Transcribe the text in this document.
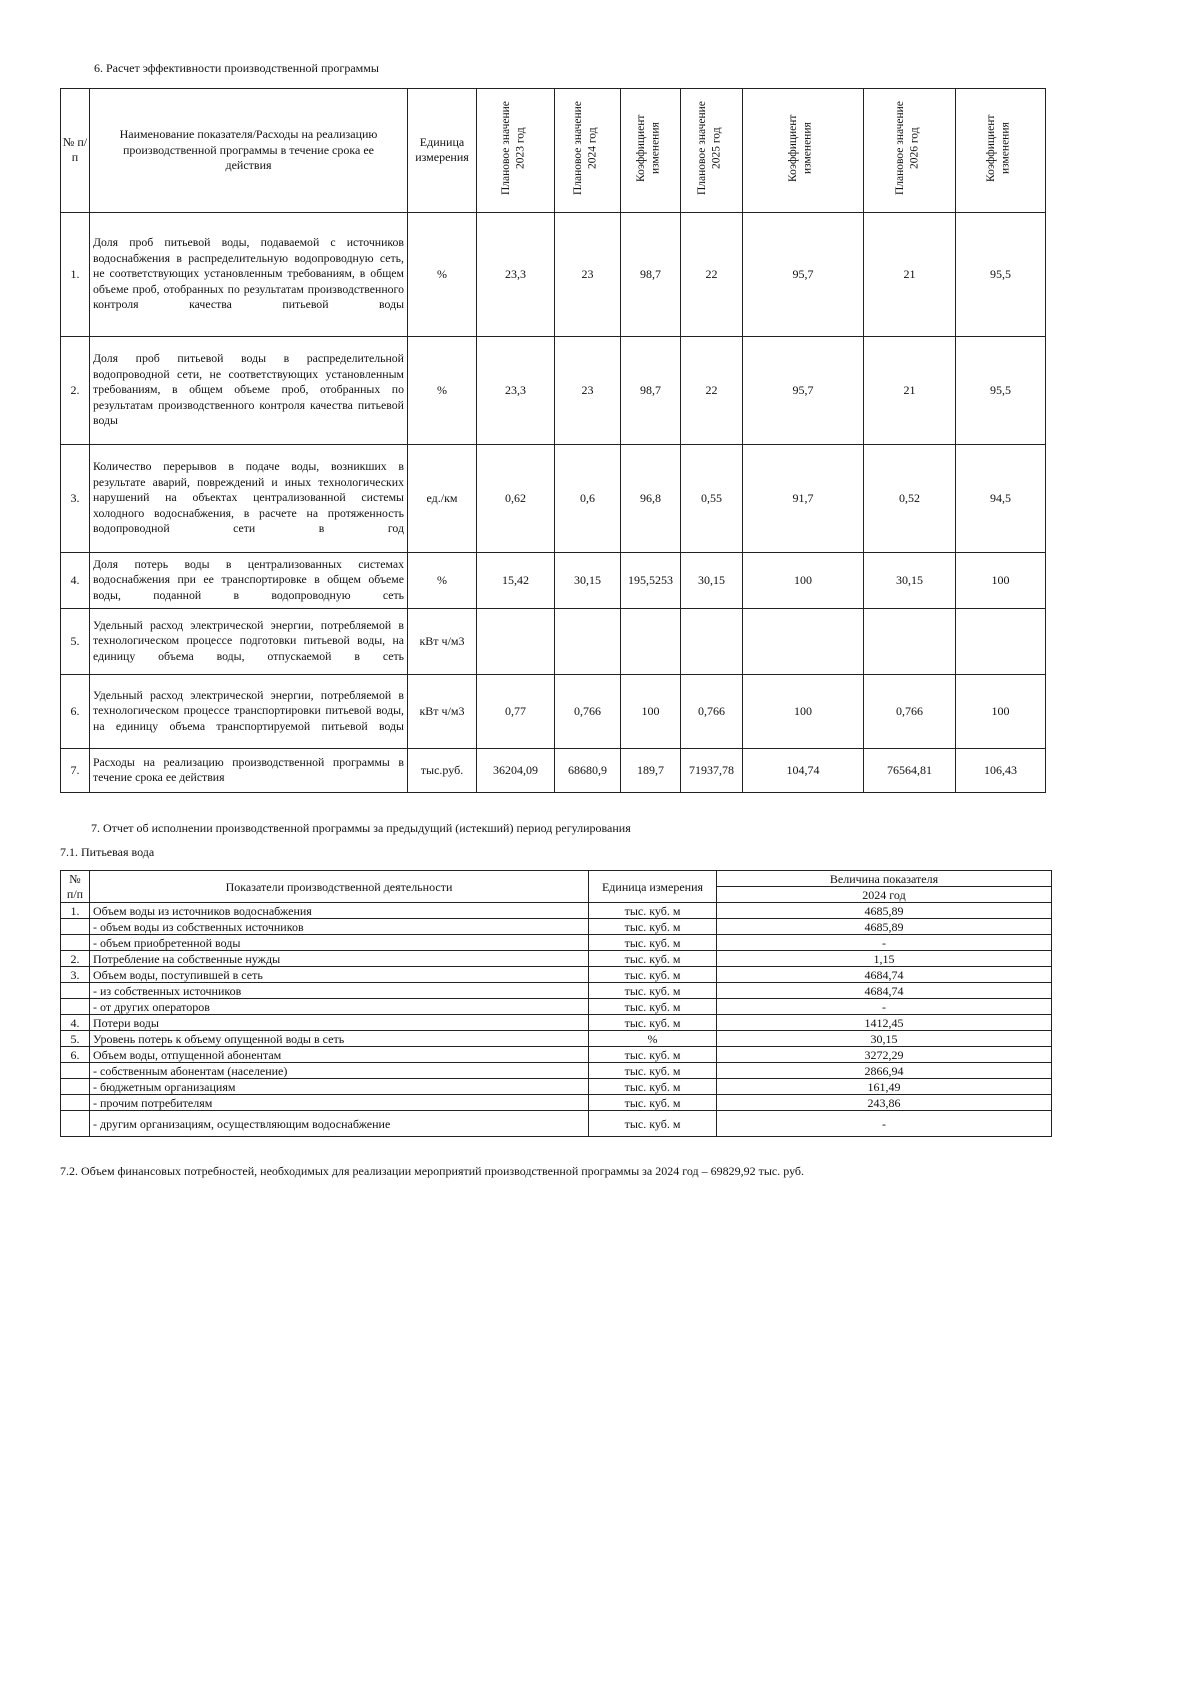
6. Расчет эффективности производственной программы
№ п/п	Наименование показателя/Расходы на реализацию производственной программы в течение срока ее действия	Единица измерения	Плановое значение 2023 год	Плановое значение 2024 год	Коэффициент изменения	Плановое значение 2025 год	Коэффициент изменения	Плановое значение 2026 год	Коэффициент изменения
1.	Доля проб питьевой воды, подаваемой с источников водоснабжения в распределительную водопроводную сеть, не соответствующих установленным требованиям, в общем объеме проб, отобранных по результатам производственного контроля качества питьевой воды	%	23,3	23	98,7	22	95,7	21	95,5
2.	Доля проб питьевой воды в распределительной водопроводной сети, не соответствующих установленным требованиям, в общем объеме проб, отобранных по результатам производственного контроля качества питьевой воды	%	23,3	23	98,7	22	95,7	21	95,5
3.	Количество перерывов в подаче воды, возникших в результате аварий, повреждений и иных технологических нарушений на объектах централизованной системы холодного водоснабжения, в расчете на протяженность водопроводной сети в год	ед./км	0,62	0,6	96,8	0,55	91,7	0,52	94,5
4.	Доля потерь воды в централизованных системах водоснабжения при ее транспортировке в общем объеме воды, поданной в водопроводную сеть	%	15,42	30,15	195,5253	30,15	100	30,15	100
5.	Удельный расход электрической энергии, потребляемой в технологическом процессе подготовки питьевой воды, на единицу объема воды, отпускаемой в сеть	кВт ч/м3							
6.	Удельный расход электрической энергии, потребляемой в технологическом процессе транспортировки питьевой воды, на единицу объема транспортируемой питьевой воды	кВт ч/м3	0,77	0,766	100	0,766	100	0,766	100
7.	Расходы на реализацию производственной программы в течение срока ее действия	тыс.руб.	36204,09	68680,9	189,7	71937,78	104,74	76564,81	106,43
7. Отчет об исполнении производственной программы за предыдущий (истекший) период регулирования
7.1. Питьевая вода
№	Показатели производственной деятельности	Единица измерения	Величина показателя
п/п			2024 год
1.	Объем воды из источников водоснабжения	тыс. куб. м	4685,89
	- объем воды из собственных источников	тыс. куб. м	4685,89
	- объем приобретенной воды	тыс. куб. м	-
2.	Потребление на собственные нужды	тыс. куб. м	1,15
3.	Объем воды, поступившей в сеть	тыс. куб. м	4684,74
	- из собственных источников	тыс. куб. м	4684,74
	- от других операторов	тыс. куб. м	-
4.	Потери воды	тыс. куб. м	1412,45
5.	Уровень потерь к объему опущенной воды в сеть	%	30,15
6.	Объем воды, отпущенной абонентам	тыс. куб. м	3272,29
	- собственным абонентам (население)	тыс. куб. м	2866,94
	- бюджетным организациям	тыс. куб. м	161,49
	- прочим потребителям	тыс. куб. м	243,86
	- другим организациям, осуществляющим водоснабжение	тыс. куб. м	-
7.2. Объем финансовых потребностей, необходимых для реализации мероприятий производственной программы за 2024 год – 69829,92 тыс. руб.
